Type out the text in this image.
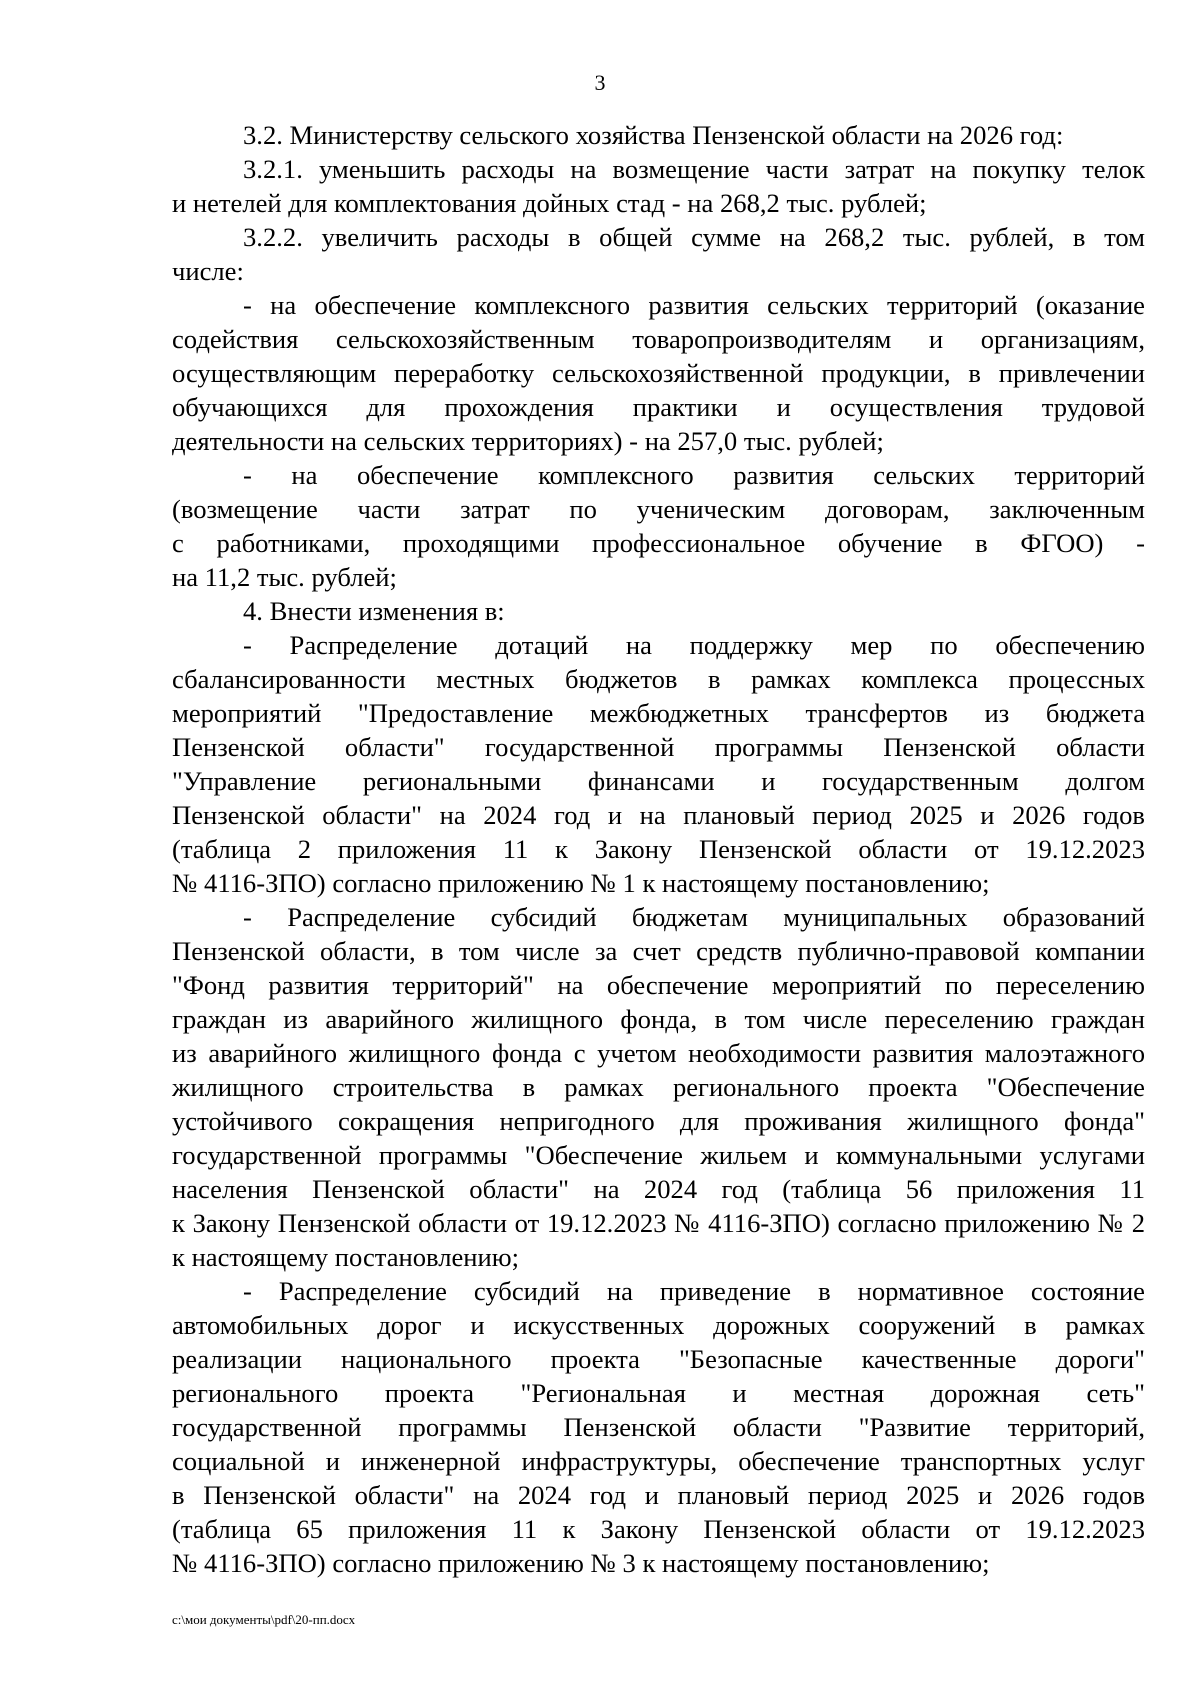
3
3.2. Министерству сельского хозяйства Пензенской области на 2026 год:
3.2.1. уменьшить расходы на возмещение части затрат на покупку телок
и нетелей для комплектования дойных стад - на 268,2 тыс. рублей;
3.2.2. увеличить расходы в общей сумме на 268,2 тыс. рублей, в том
числе:
- на обеспечение комплексного развития сельских территорий (оказание
содействия сельскохозяйственным товаропроизводителям и организациям,
осуществляющим переработку сельскохозяйственной продукции, в привлечении
обучающихся для прохождения практики и осуществления трудовой
деятельности на сельских территориях) - на 257,0 тыс. рублей;
- на обеспечение комплексного развития сельских территорий
(возмещение части затрат по ученическим договорам, заключенным
с работниками, проходящими профессиональное обучение в ФГОО) -
на 11,2 тыс. рублей;
4. Внести изменения в:
- Распределение дотаций на поддержку мер по обеспечению
сбалансированности местных бюджетов в рамках комплекса процессных
мероприятий "Предоставление межбюджетных трансфертов из бюджета
Пензенской области" государственной программы Пензенской области
"Управление региональными финансами и государственным долгом
Пензенской области" на 2024 год и на плановый период 2025 и 2026 годов
(таблица 2 приложения 11 к Закону Пензенской области от 19.12.2023
№ 4116-ЗПО) согласно приложению № 1 к настоящему постановлению;
- Распределение субсидий бюджетам муниципальных образований
Пензенской области, в том числе за счет средств публично-правовой компании
"Фонд развития территорий" на обеспечение мероприятий по переселению
граждан из аварийного жилищного фонда, в том числе переселению граждан
из аварийного жилищного фонда с учетом необходимости развития малоэтажного
жилищного строительства в рамках регионального проекта "Обеспечение
устойчивого сокращения непригодного для проживания жилищного фонда"
государственной программы "Обеспечение жильем и коммунальными услугами
населения Пензенской области" на 2024 год (таблица 56 приложения 11
к Закону Пензенской области от 19.12.2023 № 4116-ЗПО) согласно приложению № 2
к настоящему постановлению;
- Распределение субсидий на приведение в нормативное состояние
автомобильных дорог и искусственных дорожных сооружений в рамках
реализации национального проекта "Безопасные качественные дороги"
регионального проекта "Региональная и местная дорожная сеть"
государственной программы Пензенской области "Развитие территорий,
социальной и инженерной инфраструктуры, обеспечение транспортных услуг
в Пензенской области" на 2024 год и плановый период 2025 и 2026 годов
(таблица 65 приложения 11 к Закону Пензенской области от 19.12.2023
№ 4116-ЗПО) согласно приложению № 3 к настоящему постановлению;
c:\мои документы\pdf\20-пп.docx
